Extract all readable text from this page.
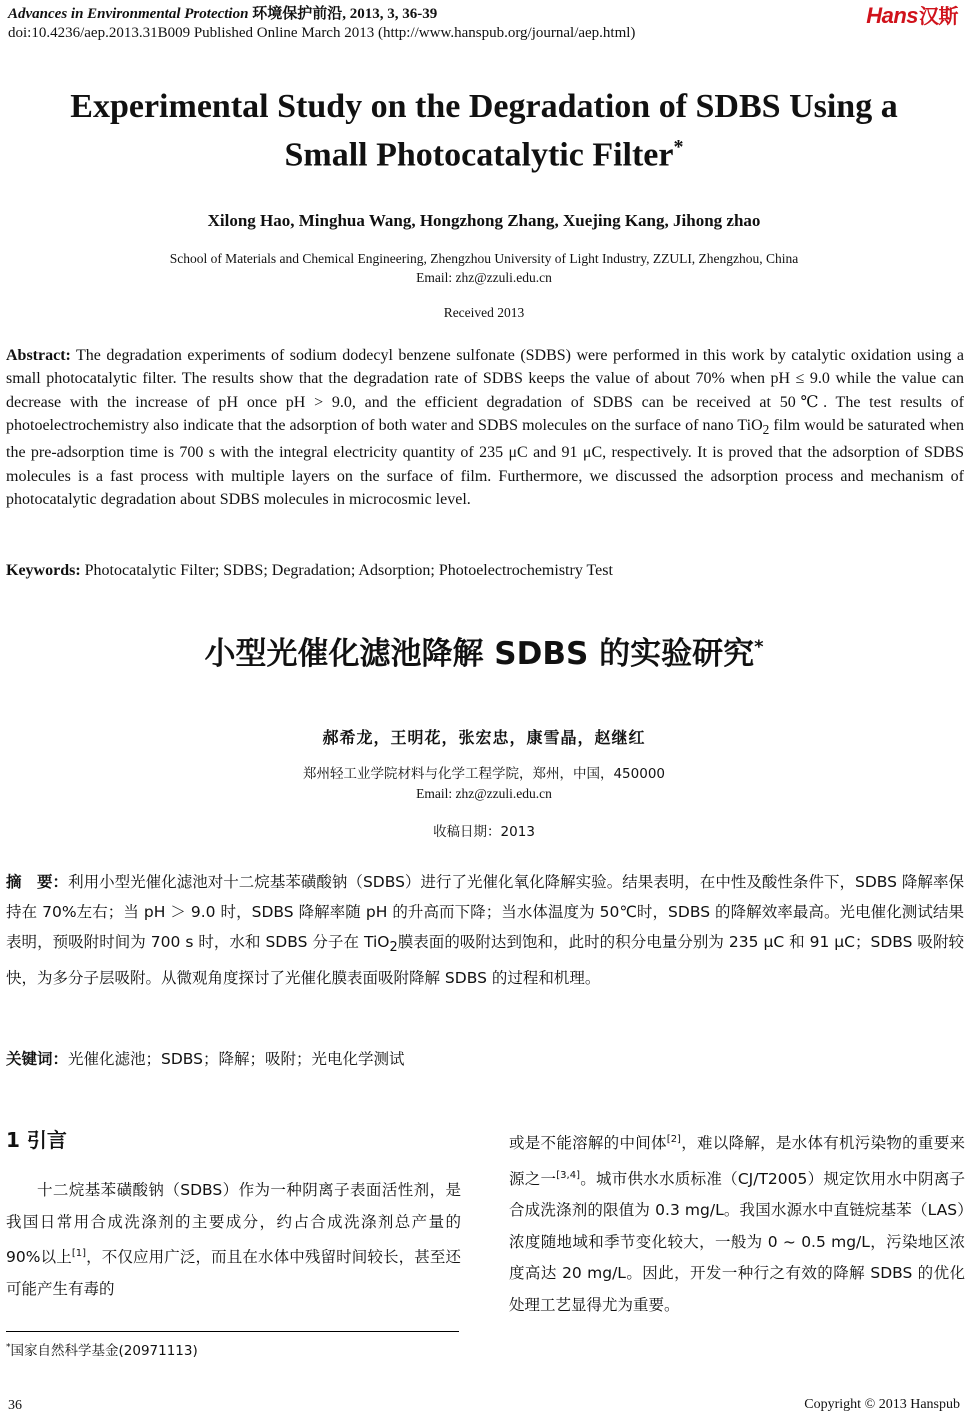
Advances in Environmental Protection 环境保护前沿, 2013, 3, 36-39
doi:10.4236/aep.2013.31B009 Published Online March 2013 (http://www.hanspub.org/journal/aep.html)
Hans汉斯
Experimental Study on the Degradation of SDBS Using a
Small Photocatalytic Filter*
Xilong Hao, Minghua Wang, Hongzhong Zhang, Xuejing Kang, Jihong zhao
School of Materials and Chemical Engineering, Zhengzhou University of Light Industry, ZZULI, Zhengzhou, China
Email: zhz@zzuli.edu.cn
Received 2013
Abstract: The degradation experiments of sodium dodecyl benzene sulfonate (SDBS) were performed in this work by catalytic oxidation using a small photocatalytic filter. The results show that the degradation rate of SDBS keeps the value of about 70% when pH ≤ 9.0 while the value can decrease with the increase of pH once pH > 9.0, and the efficient degradation of SDBS can be received at 50℃. The test results of photoelectrochemistry also indicate that the adsorption of both water and SDBS molecules on the surface of nano TiO$_2$ film would be saturated when the pre-adsorption time is 700 s with the integral electricity quantity of 235 μC and 91 μC, respectively. It is proved that the adsorption of SDBS molecules is a fast process with multiple layers on the surface of film. Furthermore, we discussed the adsorption process and mechanism of photocatalytic degradation about SDBS molecules in microcosmic level.
Keywords: Photocatalytic Filter; SDBS; Degradation; Adsorption; Photoelectrochemistry Test
小型光催化滤池降解 SDBS 的实验研究*
郝希龙，王明花，张宏忠，康雪晶，赵继红
郑州轻工业学院材料与化学工程学院，郑州，中国，450000
Email: zhz@zzuli.edu.cn
收稿日期：2013
摘　要：利用小型光催化滤池对十二烷基苯磺酸钠（SDBS）进行了光催化氧化降解实验。结果表明，在中性及酸性条件下，SDBS 降解率保持在 70%左右；当 pH ＞ 9.0 时，SDBS 降解率随 pH 的升高而下降；当水体温度为 50℃时，SDBS 的降解效率最高。光电催化测试结果表明，预吸附时间为 700 s 时，水和 SDBS 分子在 TiO$_2$膜表面的吸附达到饱和，此时的积分电量分别为 235 μC 和 91 μC；SDBS 吸附较快，为多分子层吸附。从微观角度探讨了光催化膜表面吸附降解 SDBS 的过程和机理。
关键词：光催化滤池；SDBS；降解；吸附；光电化学测试
1 引言
十二烷基苯磺酸钠（SDBS）作为一种阴离子表面活性剂，是我国日常用合成洗涤剂的主要成分，约占合成洗涤剂总产量的 90%以上[1]，不仅应用广泛，而且在水体中残留时间较长，甚至还可能产生有毒的
或是不能溶解的中间体[2]，难以降解，是水体有机污染物的重要来源之一[3,4]。城市供水水质标准（CJ/T2005）规定饮用水中阴离子合成洗涤剂的限值为 0.3 mg/L。我国水源水中直链烷基苯（LAS）浓度随地域和季节变化较大，一般为 0 ~ 0.5 mg/L，污染地区浓度高达 20 mg/L。因此，开发一种行之有效的降解 SDBS 的优化处理工艺显得尤为重要。
*国家自然科学基金(20971113)
36	Copyright © 2013 Hanspub
